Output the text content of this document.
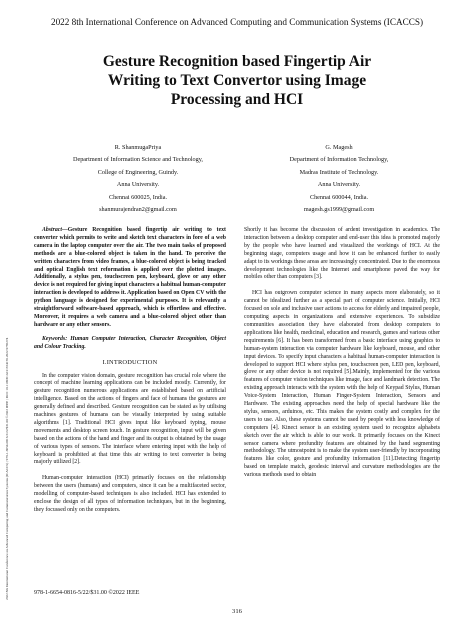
2022 8th International Conference on Advanced Computing and Communication Systems (ICACCS) | 978-1-6654-0816-5/22/$31.00 ©2022 IEEE | DOI: 10.1109/ICACCS54159.2022.9785274
2022 8th International Conference on Advanced Computing and Communication Systems (ICACCS)
Gesture Recognition based Fingertip Air
Writing to Text Convertor using Image
Processing and HCI
R. ShanmugaPriya
Department of Information Science and Technology,
College of Engineering, Guindy.
Anna University.
Chennai 600025, India.
shanmurajendran2@gmail.com
G. Magesh
Department of Information Technology,
Madras Institute of Technology.
Anna University.
Chennai 600044, India.
magesh.gs1999@gmail.com
Abstract—Gesture Recognition based fingertip air writing to text converter which permits to write and sketch text characters in fore of a web camera in the laptop computer over the air. The two main tasks of proposed methods are a blue-colored object is taken in the hand. To perceive the written characters from video frames, a blue-colored object is being tracked and optical English text reformation is applied over the plotted images. Additionally, a stylus pen, touchscreen pen, keyboard, glove or any other device is not required for giving input characters a habitual human-computer interaction is developed to address it. Application based on Open CV with the python language is designed for experimental purposes. It is relevantly a straightforward software-based approach, which is effortless and effective. Moreover, it requires a web camera and a blue-colored object other than hardware or any other sensors.
Keywords: Human Computer Interaction, Character Recognition, Object and Colour Tracking.
I.INTRODUCTION

In the computer vision domain, gesture recognition has crucial role where the concept of machine learning applications can be included mostly. Currently, for gesture recognition numerous applications are established based on artificial intelligence. Based on the actions of fingers and face of humans the gestures are generally defined and described. Gesture recognition can be stated as by utilising machines gestures of humans can be visually interpreted by using suitable algorithms [1]. Traditional HCI gives input like keyboard typing, mouse movements and desktop screen touch. In gesture recognition, input will be given based on the actions of the hand and finger and its output is obtained by the usage of various types of sensors. The interface where entering input with the help of keyboard is prohibited at that time this air writing to text converter is being majorly utilized [2].

Human-computer interaction (HCI) primarily focuses on the relationship between the users (humans) and computers, since it can be a multifaceted sector, modelling of computer-based techniques is also included. HCI has extended to enclose the design of all types of information techniques, but in the beginning, they focussed only on the computers.

Shortly it has become the discussion of ardent investigation in academics. The interaction between a desktop computer and end-user this idea is promoted majorly by the people who have learned and visualized the workings of HCI. At the beginning stage, computers usage and how it can be enhanced further to easily adapt to its workings these areas are increasingly concentrated. Due to the enormous development technologies like the Internet and smartphone paved the way for mobiles other than computers [3].

HCI has outgrown computer science in many aspects more elaborately, so it cannot be idealized further as a special part of computer science. Initially, HCI focused on sole and inclusive user actions to access for elderly and impaired people, computing aspects in organizations and extensive experiences. To subsidize communities association they have elaborated from desktop computers to applications like health, medicinal, education and research, games and various other requirements [6]. It has been transformed from a basic interface using graphics to human-system interaction via computer hardware like keyboard, mouse, and other input devices. To specify input characters a habitual human-computer interaction is developed to support HCI where stylus pen, touchscreen pen, LED pen, keyboard, glove or any other device is not required [5].Mainly, implemented for the various features of computer vision techniques like image, face and landmark detection. The existing approach interacts with the system with the help of Keypad Stylus, Human Voice-System Interaction, Human Finger-System Interaction, Sensors and Hardware. The existing approaches need the help of special hardware like the stylus, sensors, arduinos, etc. This makes the system costly and complex for the users to use. Also, these systems cannot be used by people with less knowledge of computers [4]. Kinect sensor is an existing system used to recognize alphabets sketch over the air which is able to our work. It primarily focuses on the Kinect sensor camera where profundity features are obtained by the hand segmenting methodology. The utmostpoint is to make the system user-friendly by incorporating features like color, gesture and profundity information [11].Detecting fingertip based on template match, geodesic interval and curvature methodologies are the various methods used to obtain

978-1-6654-0816-5/22/$31.00 ©2022 IEEE
316
